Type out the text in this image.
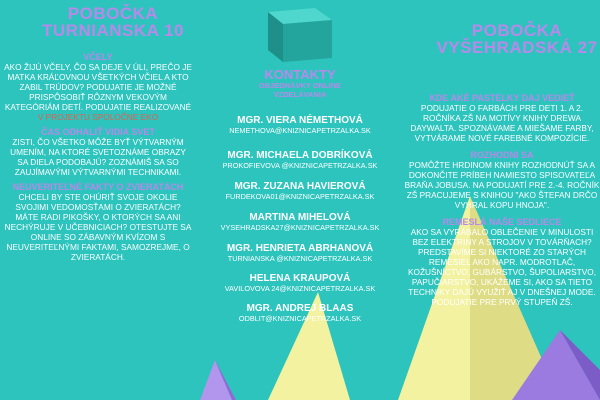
POBOČKA
TURNIANSKA 10
VČELY
AKO ŽIJÚ VČELY, ČO SA DEJE V ÚLI, PREČO JE MATKA KRÁĽOVNOU VŠETKÝCH VČIEL A KTO ZABIL TRÚDOV? PODUJATIE JE MOŽNÉ PRISPÔSOBIŤ RÔZNYM VEKOVÝM KATEGÓRIÁM DETÍ. PODUJATIE REALIZOVANÉ V PROJEKTU SPOLOČNE EKO
ČAS ODHALIŤ VIDIA SVET
ZISTI, ČO VŠETKO MÔŽE BYŤ VÝTVARNÝM UMENÍM, NA KTORÉ SVETOZNÁME OBRAZY SA DIELA PODOBAJÚ? ZOZNÁMIŠ SA SO ZAUJÍMAVÝMI VÝTVARNÝMI TECHNIKAMI.
NEUVERITEĽNÉ FAKTY O ZVIERATÁCH
CHCELI BY STE OHÚRIŤ SVOJE OKOLIE SVOJIMI VEDOMOSŤAMI O ZVIERATÁCH? MÁTE RADI PIKOŠKY, O KTORÝCH SA ANI NECHÝRUJE V UČEBNICIACH? OTESTUJTE SA ONLINE SO ZÁBAVNÝM KVÍZOM S NEUVERITEĽNÝMI FAKTAMI, SAMOZREJME, O ZVIERATÁCH.
KONTAKTY
OBJEDNÁVKY ONLINE
VZDELÁVANIA
MGR. VIERA NÉMETHOVÁ
NEMETHOVA@KNIZNICAPETRZALKA.SK
MGR. MICHAELA DOBRÍKOVÁ
PROKOFIEVOVA @KNIZNICAPETRZALKA.SK
MGR. ZUZANA HAVIEROVÁ
FURDEKOVA01@KNIZNICAPETRZALKA.SK
MARTINA MIHELOVÁ
VYSEHRADSKA27@KNIZNICAPETRZALKA.SK
MGR. HENRIETA ABRHANOVÁ
TURNIANSKA @KNIZNICAPETRZALKA.SK
HELENA KRAUPOVÁ
VAVILOVOVA 24@KNIZNICAPETRZALKA.SK
MGR. ANDREJ BLAAS
ODBLIT@KNIZNICAPETRZALKA.SK
POBOČKA
VYŠEHRADSKÁ 27
KDE AKÉ PASTELKY DAJ VEDIEŤ
PODUJATIE O FARBÁCH PRE DETI 1. A 2. ROČNÍKA ZŠ NA MOTÍVY KNIHY DREWA DAYWALTA. SPOZNÁVAME A MIEŠAME FARBY, VYTVÁRAME NOVÉ FAREBNÉ KOMPOZÍCIE.
ROZHODNI SA
POMÔŽTE HRDINOM KNIHY ROZHODNÚŤ SA A DOKONČITE PRÍBEH NAMIESTO SPISOVATEĽA BRAŇA JOBUSA. NA PODUJATÍ PRE 2.-4. ROČNÍK ZŠ PRACUJEME S KNIHOU "AKO ŠTEFAN DRČO VYHRAL KOPU HNOJA".
REMESLÁ NAŠE SEDLIECE
AKO SA VYRÁBALO OBLEČENIE V MINULOSTI BEZ ELEKTRINY A STROJOV V TOVÁRŇACH? PREDSTAVÍME SI NIEKTORÉ ZO STARÝCH REMESIEL AKO NAPR. MODROTLAČ, KOŽUŠNÍCTVO, GUBÁRSTVO, ŠUPOLIARSTVO, PAPUČIARSTVO, UKÁŽEME SI, AKO SA TIETO TECHNIKY DAJÚ VYUŽIŤ AJ V DNEŠNEJ MODE. PODUJATIE PRE PRVÝ STUPEŇ ZŠ.
